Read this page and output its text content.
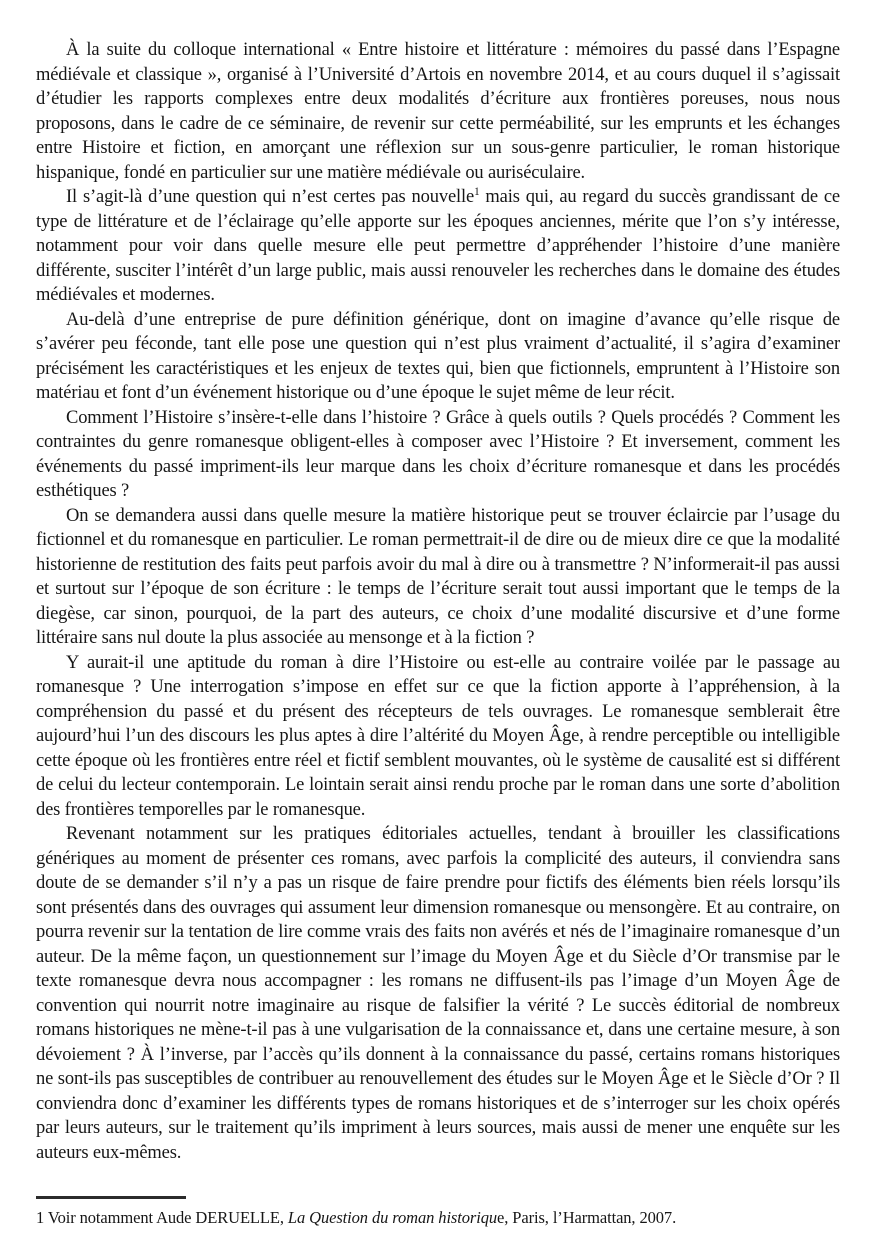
À la suite du colloque international « Entre histoire et littérature : mémoires du passé dans l’Espagne médiévale et classique », organisé à l’Université d’Artois en novembre 2014, et au cours duquel il s’agissait d’étudier les rapports complexes entre deux modalités d’écriture aux frontières poreuses, nous nous proposons, dans le cadre de ce séminaire, de revenir sur cette perméabilité, sur les emprunts et les échanges entre Histoire et fiction, en amorçant une réflexion sur un sous-genre particulier, le roman historique hispanique, fondé en particulier sur une matière médiévale ou auriséculaire.

Il s’agit-là d’une question qui n’est certes pas nouvelle$^1$ mais qui, au regard du succès grandissant de ce type de littérature et de l’éclairage qu’elle apporte sur les époques anciennes, mérite que l’on s’y intéresse, notamment pour voir dans quelle mesure elle peut permettre d’appréhender l’histoire d’une manière différente, susciter l’intérêt d’un large public, mais aussi renouveler les recherches dans le domaine des études médiévales et modernes.

Au-delà d’une entreprise de pure définition générique, dont on imagine d’avance qu’elle risque de s’avérer peu féconde, tant elle pose une question qui n’est plus vraiment d’actualité, il s’agira d’examiner précisément les caractéristiques et les enjeux de textes qui, bien que fictionnels, empruntent à l’Histoire son matériau et font d’un événement historique ou d’une époque le sujet même de leur récit.

Comment l’Histoire s’insère-t-elle dans l’histoire ? Grâce à quels outils ? Quels procédés ? Comment les contraintes du genre romanesque obligent-elles à composer avec l’Histoire ? Et inversement, comment les événements du passé impriment-ils leur marque dans les choix d’écriture romanesque et dans les procédés esthétiques ?

On se demandera aussi dans quelle mesure la matière historique peut se trouver éclaircie par l’usage du fictionnel et du romanesque en particulier. Le roman permettrait-il de dire ou de mieux dire ce que la modalité historienne de restitution des faits peut parfois avoir du mal à dire ou à transmettre ? N’informerait-il pas aussi et surtout sur l’époque de son écriture : le temps de l’écriture serait tout aussi important que le temps de la diegèse, car sinon, pourquoi, de la part des auteurs, ce choix d’une modalité discursive et d’une forme littéraire sans nul doute la plus associée au mensonge et à la fiction ?

Y aurait-il une aptitude du roman à dire l’Histoire ou est-elle au contraire voilée par le passage au romanesque ? Une interrogation s’impose en effet sur ce que la fiction apporte à l’appréhension, à la compréhension du passé et du présent des récepteurs de tels ouvrages. Le romanesque semblerait être aujourd’hui l’un des discours les plus aptes à dire l’altérité du Moyen Âge, à rendre perceptible ou intelligible cette époque où les frontières entre réel et fictif semblent mouvantes, où le système de causalité est si différent de celui du lecteur contemporain. Le lointain serait ainsi rendu proche par le roman dans une sorte d’abolition des frontières temporelles par le romanesque.

Revenant notamment sur les pratiques éditoriales actuelles, tendant à brouiller les classifications génériques au moment de présenter ces romans, avec parfois la complicité des auteurs, il conviendra sans doute de se demander s’il n’y a pas un risque de faire prendre pour fictifs des éléments bien réels lorsqu’ils sont présentés dans des ouvrages qui assument leur dimension romanesque ou mensongère. Et au contraire, on pourra revenir sur la tentation de lire comme vrais des faits non avérés et nés de l’imaginaire romanesque d’un auteur. De la même façon, un questionnement sur l’image du Moyen Âge et du Siècle d’Or transmise par le texte romanesque devra nous accompagner : les romans ne diffusent-ils pas l’image d’un Moyen Âge de convention qui nourrit notre imaginaire au risque de falsifier la vérité ? Le succès éditorial de nombreux romans historiques ne mène-t-il pas à une vulgarisation de la connaissance et, dans une certaine mesure, à son dévoiement ? À l’inverse, par l’accès qu’ils donnent à la connaissance du passé, certains romans historiques ne sont-ils pas susceptibles de contribuer au renouvellement des études sur le Moyen Âge et le Siècle d’Or ? Il conviendra donc d’examiner les différents types de romans historiques et de s’interroger sur les choix opérés par leurs auteurs, sur le traitement qu’ils impriment à leurs sources, mais aussi de mener une enquête sur les auteurs eux-mêmes.

1 Voir notamment Aude DERUELLE, La Question du roman historique, Paris, l’Harmattan, 2007.
